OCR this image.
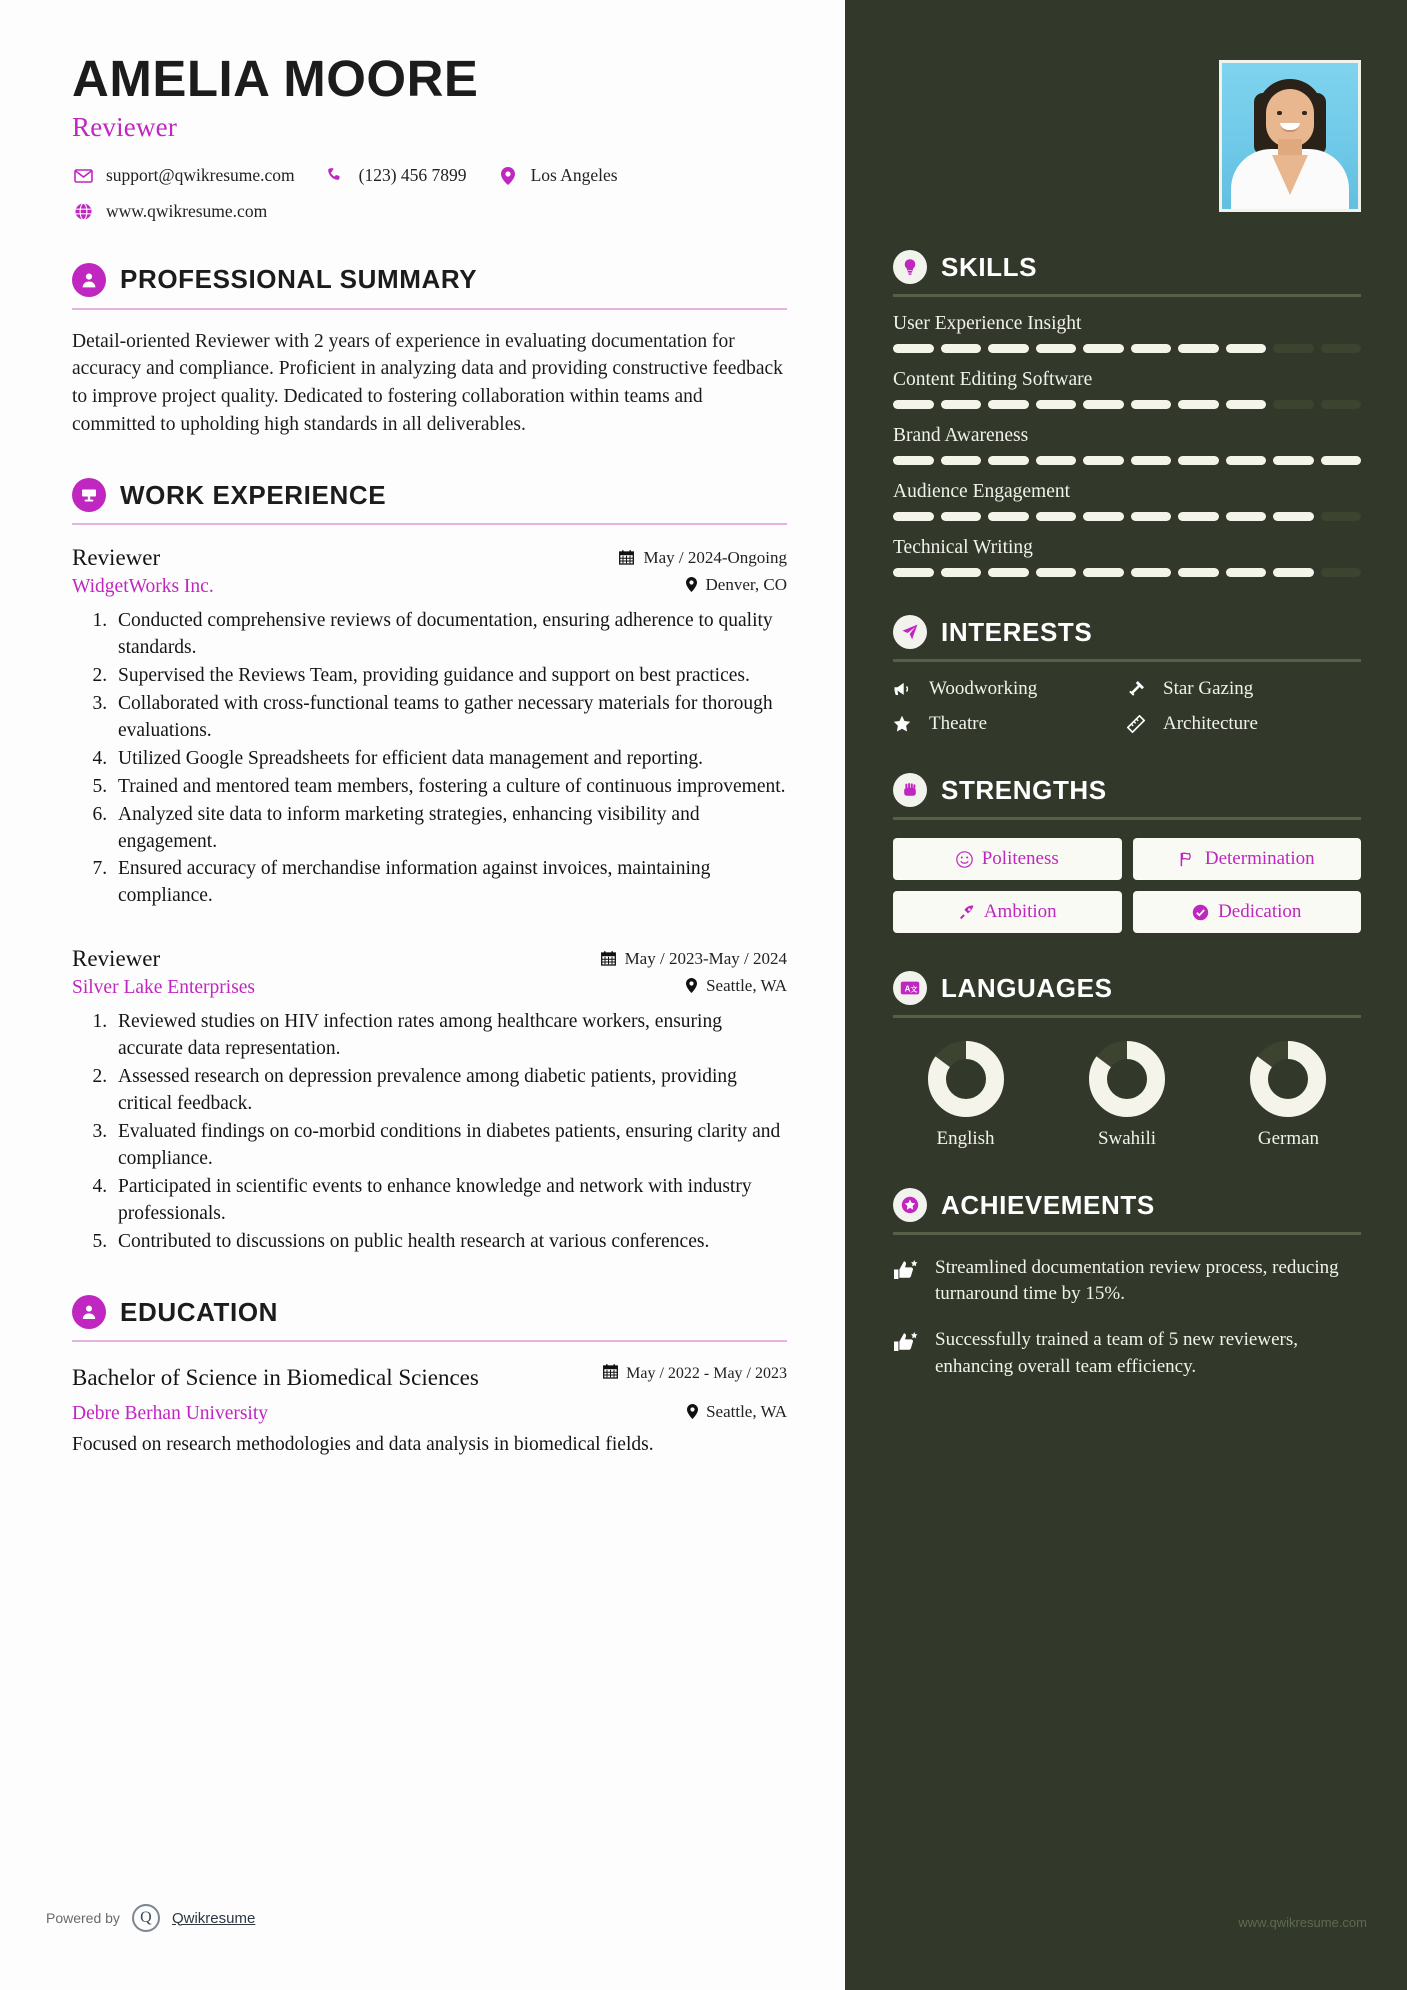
AMELIA MOORE
Reviewer
support@qwikresume.com	(123) 456 7899	Los Angeles
www.qwikresume.com
PROFESSIONAL SUMMARY

Detail-oriented Reviewer with 2 years of experience in evaluating documentation for accuracy and compliance. Proficient in analyzing data and providing constructive feedback to improve project quality. Dedicated to fostering collaboration within teams and committed to upholding high standards in all deliverables.

WORK EXPERIENCE
Reviewer	May / 2024-Ongoing
WidgetWorks Inc.	Denver, CO
1. Conducted comprehensive reviews of documentation, ensuring adherence to quality standards.
2. Supervised the Reviews Team, providing guidance and support on best practices.
3. Collaborated with cross-functional teams to gather necessary materials for thorough evaluations.
4. Utilized Google Spreadsheets for efficient data management and reporting.
5. Trained and mentored team members, fostering a culture of continuous improvement.
6. Analyzed site data to inform marketing strategies, enhancing visibility and engagement.
7. Ensured accuracy of merchandise information against invoices, maintaining compliance.
Reviewer	May / 2023-May / 2024
Silver Lake Enterprises	Seattle, WA
1. Reviewed studies on HIV infection rates among healthcare workers, ensuring accurate data representation.
2. Assessed research on depression prevalence among diabetic patients, providing critical feedback.
3. Evaluated findings on co-morbid conditions in diabetes patients, ensuring clarity and compliance.
4. Participated in scientific events to enhance knowledge and network with industry professionals.
5. Contributed to discussions on public health research at various conferences.
EDUCATION
Bachelor of Science in Biomedical Sciences	May / 2022 - May / 2023
Debre Berhan University	Seattle, WA

Focused on research methodologies and data analysis in biomedical fields.

Powered by	Q	Qwikresume
SKILLS
User Experience Insight
Content Editing Software
Brand Awareness
Audience Engagement
Technical Writing
INTERESTS
Woodworking	Star Gazing
Theatre	Architecture
STRENGTHS
Politeness	Determination
Ambition	Dedication
A 文 LANGUAGES
English	Swahili	German
ACHIEVEMENTS
Streamlined documentation review process, reducing turnaround time by 15%.
Successfully trained a team of 5 new reviewers, enhancing overall team efficiency.
www.qwikresume.com
